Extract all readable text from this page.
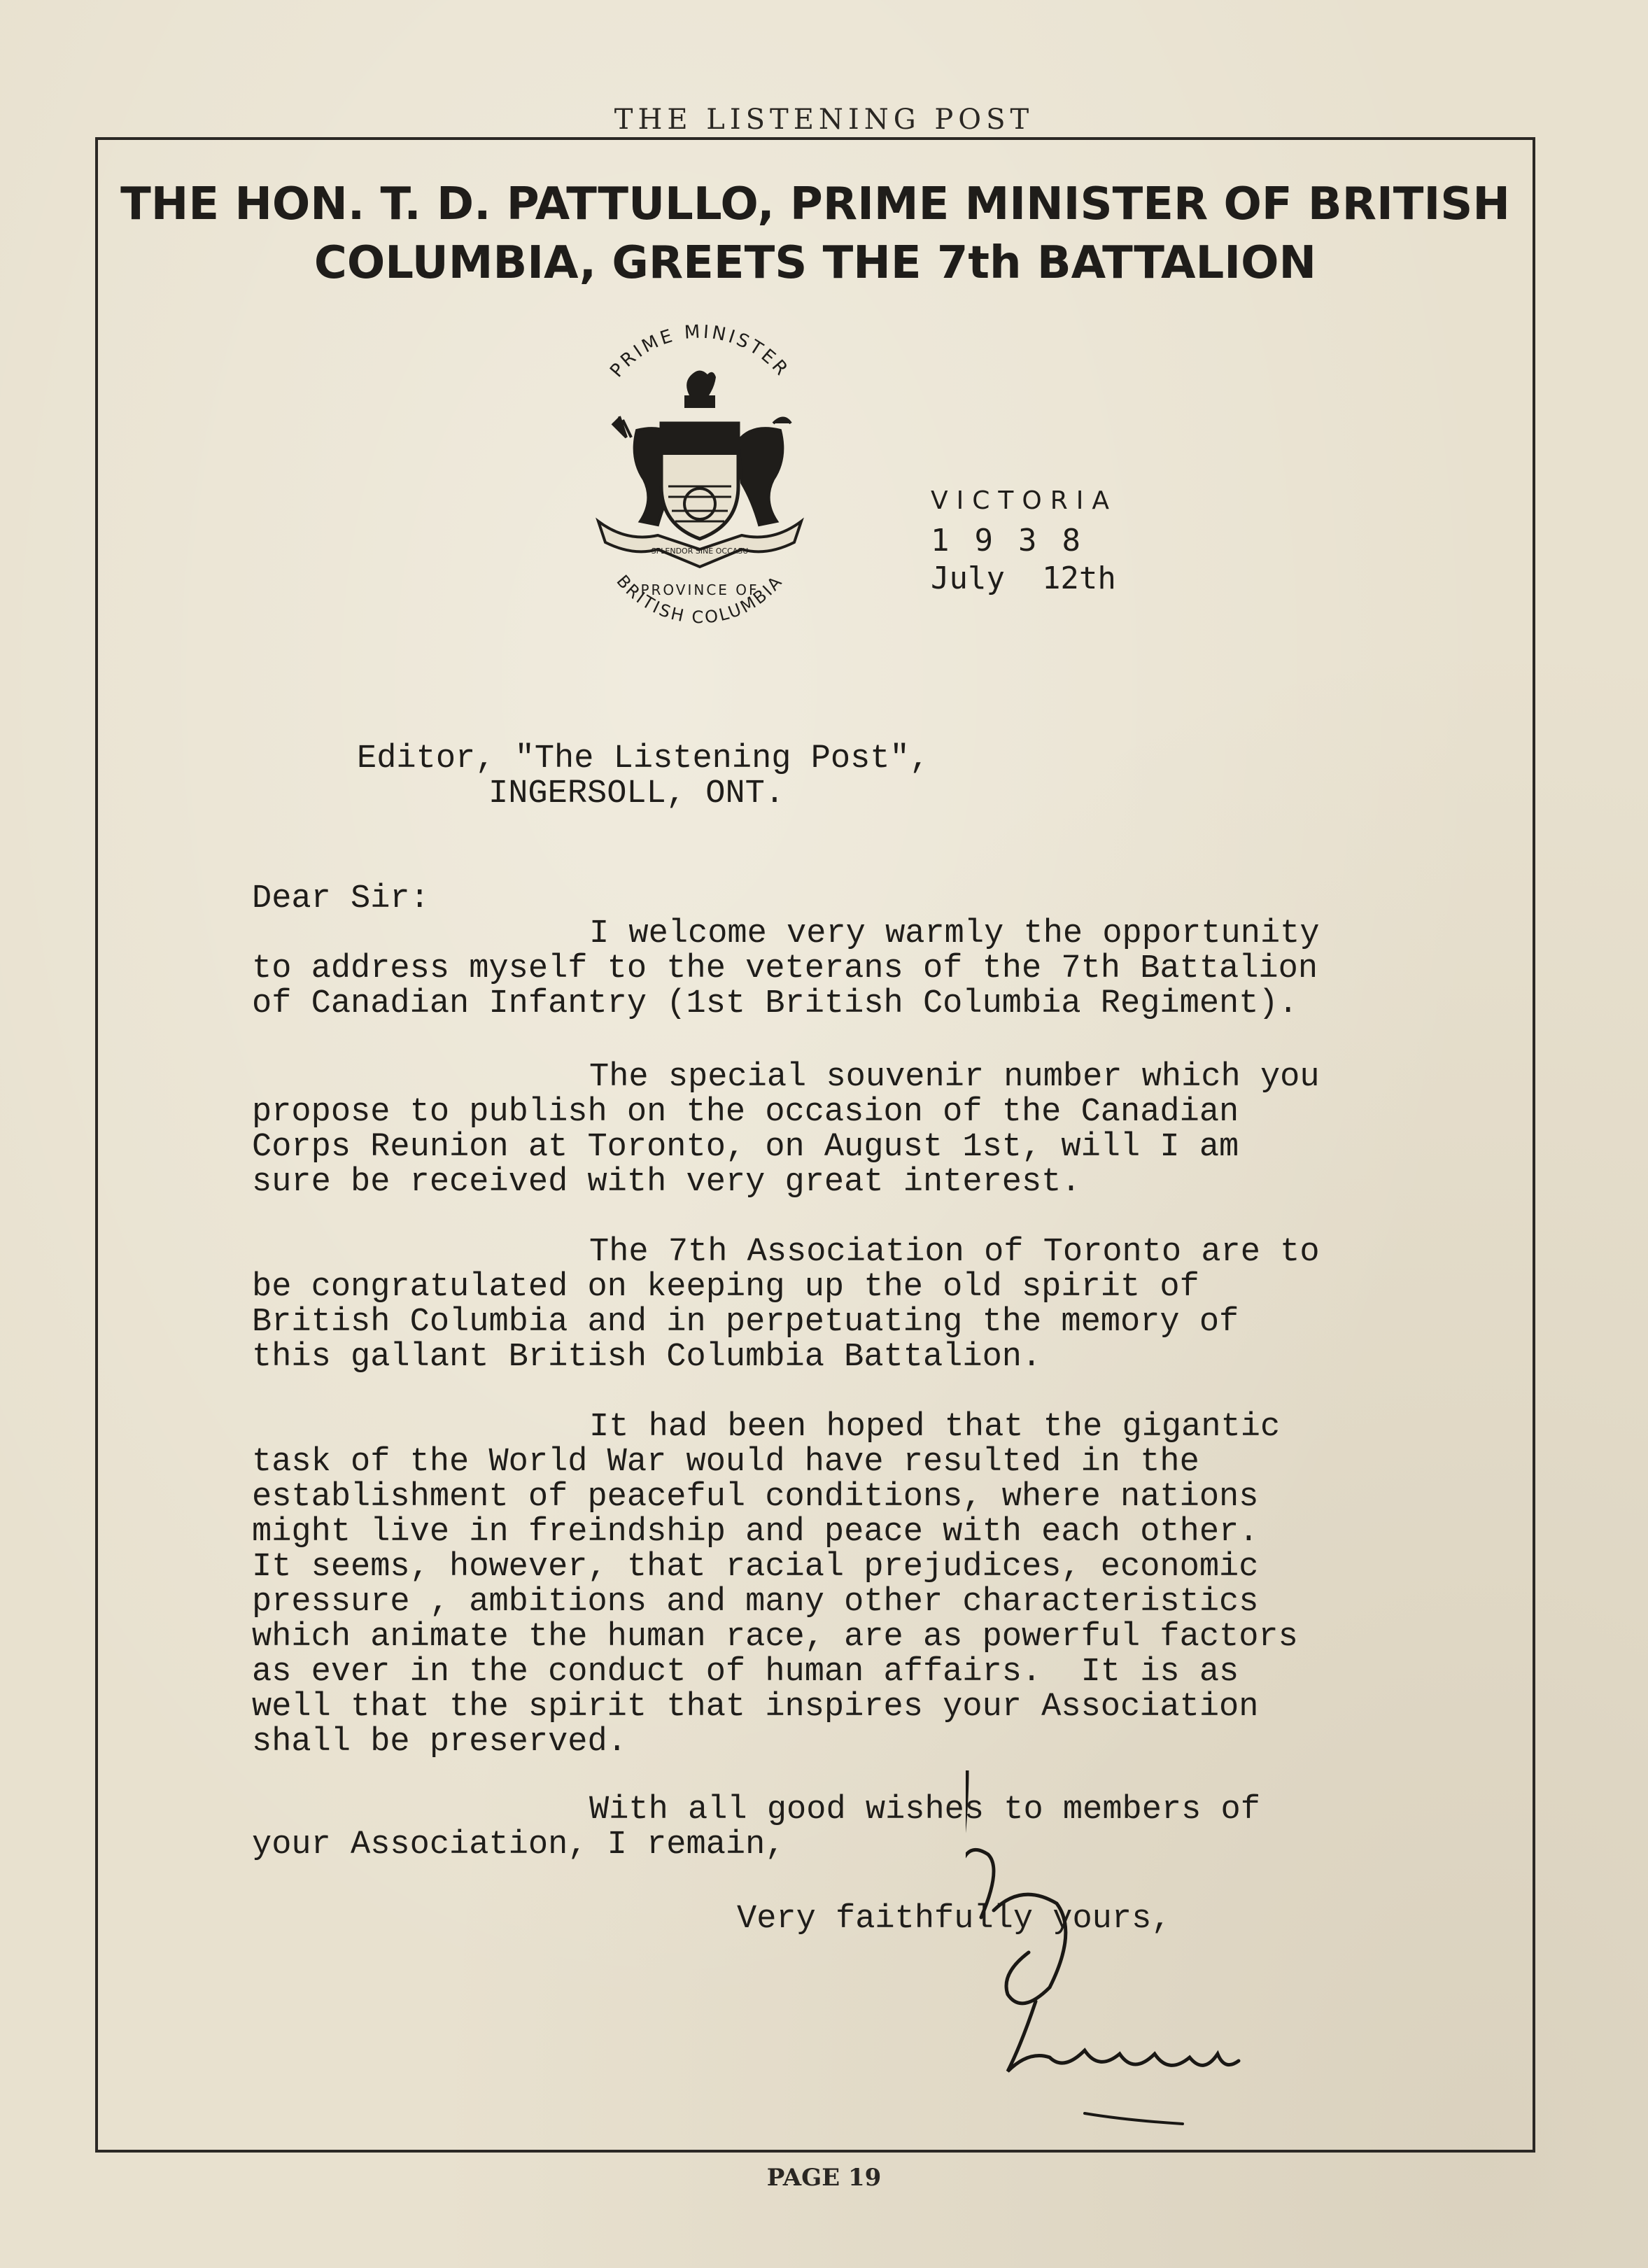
THE LISTENING POST
THE HON. T. D. PATTULLO, PRIME MINISTER OF BRITISH
COLUMBIA, GREETS THE 7th BATTALION
PRIME MINISTER
SPLENDOR SINE OCCASU
PROVINCE OF
BRITISH COLUMBIA
VICTORIA
1938
July  12th
Editor, "The Listening Post",
INGERSOLL, ONT.
Dear Sir:
I welcome very warmly the opportunity
to address myself to the veterans of the 7th Battalion
of Canadian Infantry (1st British Columbia Regiment).
The special souvenir number which you
propose to publish on the occasion of the Canadian
Corps Reunion at Toronto, on August 1st, will I am
sure be received with very great interest.
The 7th Association of Toronto are to
be congratulated on keeping up the old spirit of
British Columbia and in perpetuating the memory of
this gallant British Columbia Battalion.
It had been hoped that the gigantic
task of the World War would have resulted in the
establishment of peaceful conditions, where nations
might live in freindship and peace with each other.
It seems, however, that racial prejudices, economic
pressure , ambitions and many other characteristics
which animate the human race, are as powerful factors
as ever in the conduct of human affairs.  It is as
well that the spirit that inspires your Association
shall be preserved.
With all good wishes to members of
your Association, I remain,
Very faithfully yours,
PAGE 19
